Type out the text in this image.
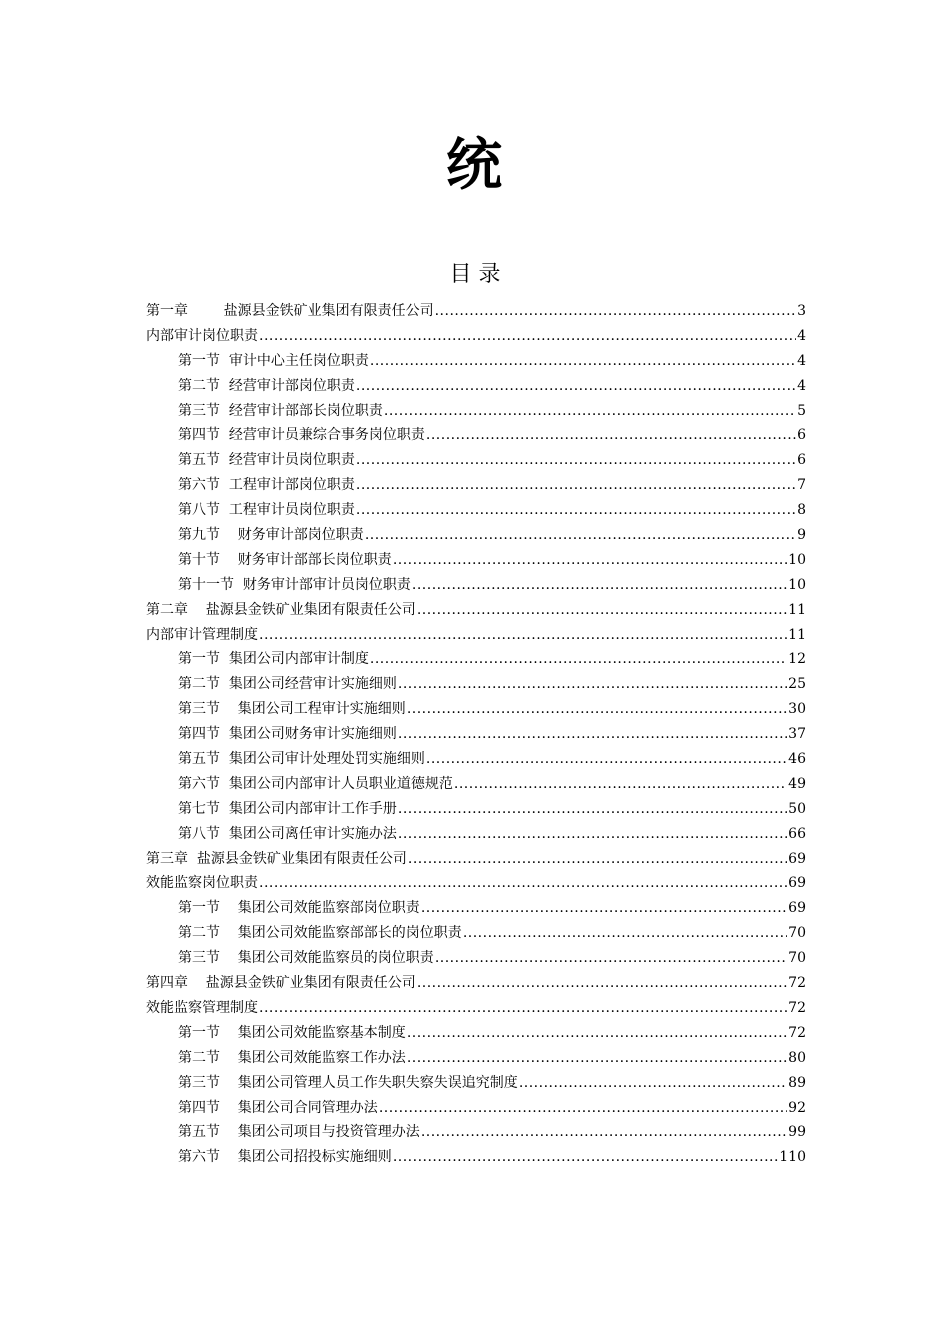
统
目 录
第一章        盐源县金铁矿业集团有限责任公司 .....	3
内部审计岗位职责 .....	4
第一节  审计中心主任岗位职责 .....	4
第二节  经营审计部岗位职责 .....	4
第三节  经营审计部部长岗位职责 .....	5
第四节  经营审计员兼综合事务岗位职责 .....	6
第五节  经营审计员岗位职责 .....	6
第六节  工程审计部岗位职责 .....	7
第八节  工程审计员岗位职责 .....	8
第九节    财务审计部岗位职责 .....	9
第十节    财务审计部部长岗位职责 .....	10
第十一节  财务审计部审计员岗位职责 .....	10
第二章    盐源县金铁矿业集团有限责任公司 .....	11
内部审计管理制度 .....	11
第一节  集团公司内部审计制度 .....	12
第二节  集团公司经营审计实施细则 .....	25
第三节    集团公司工程审计实施细则 .....	30
第四节  集团公司财务审计实施细则 .....	37
第五节  集团公司审计处理处罚实施细则 .....	46
第六节  集团公司内部审计人员职业道德规范 .....	49
第七节  集团公司内部审计工作手册 .....	50
第八节  集团公司离任审计实施办法 .....	66
第三章  盐源县金铁矿业集团有限责任公司 .....	69
效能监察岗位职责 .....	69
第一节    集团公司效能监察部岗位职责 .....	69
第二节    集团公司效能监察部部长的岗位职责 .....	70
第三节    集团公司效能监察员的岗位职责 .....	70
第四章    盐源县金铁矿业集团有限责任公司 .....	72
效能监察管理制度 .....	72
第一节    集团公司效能监察基本制度 .....	72
第二节    集团公司效能监察工作办法 .....	80
第三节    集团公司管理人员工作失职失察失误追究制度 .....	89
第四节    集团公司合同管理办法 .....	92
第五节    集团公司项目与投资管理办法 .....	99
第六节    集团公司招投标实施细则 .....	110
